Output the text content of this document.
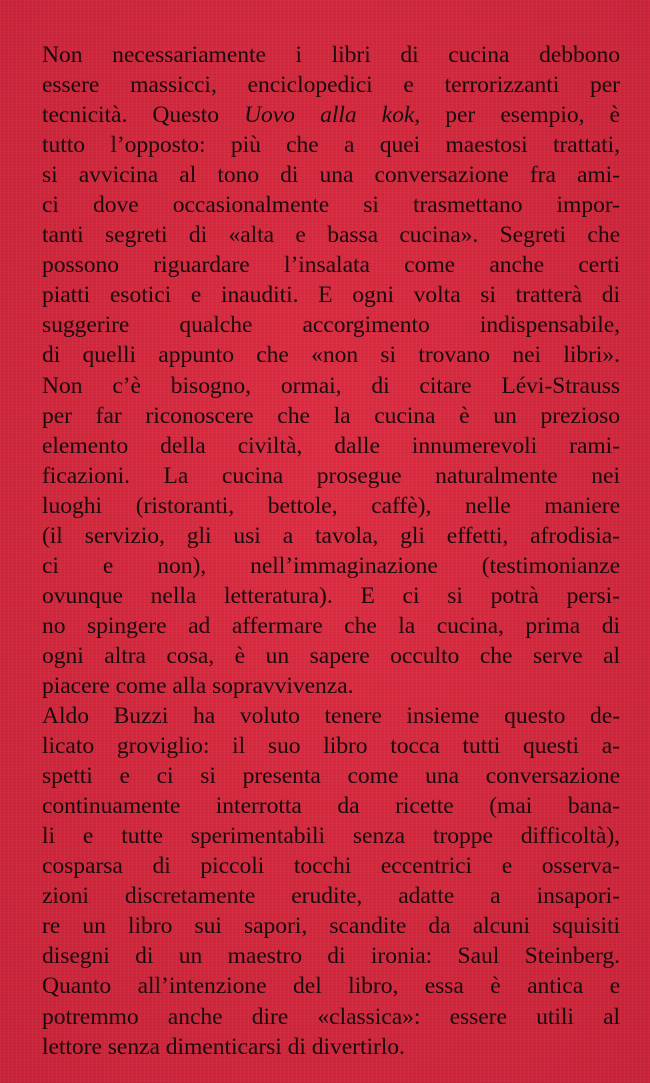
Non necessariamente i libri di cucina debbono
essere massicci, enciclopedici e terrorizzanti per
tecnicità. Questo Uovo alla kok, per esempio, è
tutto l’opposto: più che a quei maestosi trattati,
si avvicina al tono di una conversazione fra ami-
ci dove occasionalmente si trasmettano impor-
tanti segreti di «alta e bassa cucina». Segreti che
possono riguardare l’insalata come anche certi
piatti esotici e inauditi. E ogni volta si tratterà di
suggerire qualche accorgimento indispensabile,
di quelli appunto che «non si trovano nei libri».
Non c’è bisogno, ormai, di citare Lévi-Strauss
per far riconoscere che la cucina è un prezioso
elemento della civiltà, dalle innumerevoli rami-
ficazioni. La cucina prosegue naturalmente nei
luoghi (ristoranti, bettole, caffè), nelle maniere
(il servizio, gli usi a tavola, gli effetti, afrodisia-
ci e non), nell’immaginazione (testimonianze
ovunque nella letteratura). E ci si potrà persi-
no spingere ad affermare che la cucina, prima di
ogni altra cosa, è un sapere occulto che serve al
piacere come alla sopravvivenza.
Aldo Buzzi ha voluto tenere insieme questo de-
licato groviglio: il suo libro tocca tutti questi a-
spetti e ci si presenta come una conversazione
continuamente interrotta da ricette (mai bana-
li e tutte sperimentabili senza troppe difficoltà),
cosparsa di piccoli tocchi eccentrici e osserva-
zioni discretamente erudite, adatte a insapori-
re un libro sui sapori, scandite da alcuni squisiti
disegni di un maestro di ironia: Saul Steinberg.
Quanto all’intenzione del libro, essa è antica e
potremmo anche dire «classica»: essere utili al
lettore senza dimenticarsi di divertirlo.
